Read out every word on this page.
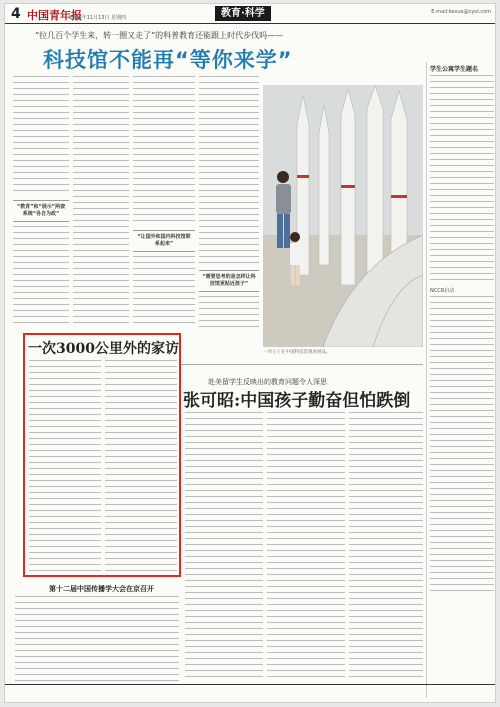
4 中国青年报
2014年11月13日 星期四	教育·科学	E-mail:kexue@cyol.com
“拉几百个学生来，转一圈又走了”的科普教育还能跟上时代步伐吗——
科技馆不能再“等你来学”
“教育”和“展示”两套系统“各自为政”
“让国外和国内科技馆联系起来”
“需要思考的是怎样让科技馆更贴近孩子”
一对父子在中国科技馆观看展品。
学生公寓学生题名
NCCR启动
一次3000公里外的家访
赴美留学生反映出的教育问题令人深思
张可昭:中国孩子勤奋但怕跌倒
第十二届中国传播学大会在京召开
